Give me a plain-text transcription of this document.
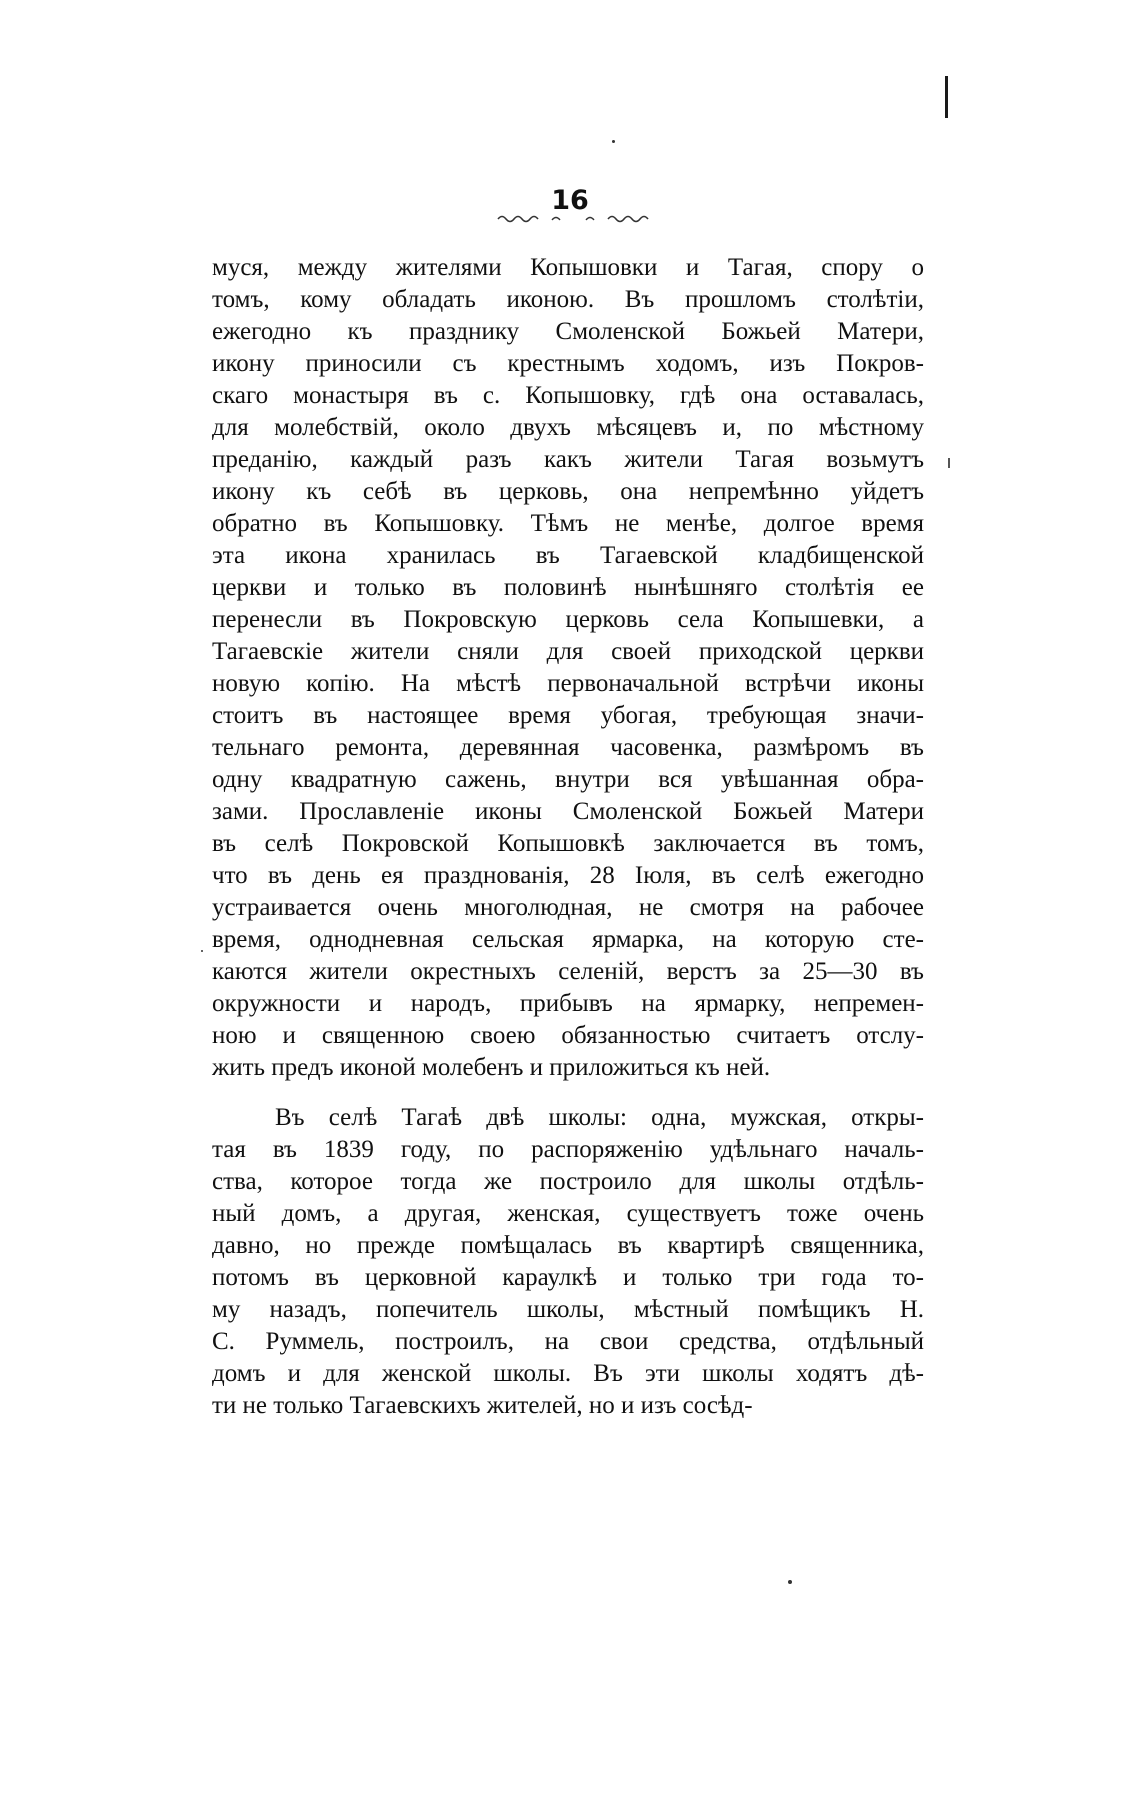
16
муся, между жителями Копышовки и Тагая, спору о
томъ, кому обладать иконою. Въ прошломъ столѣтіи,
ежегодно къ празднику Смоленской Божьей Матери,
икону приносили съ крестнымъ ходомъ, изъ Покров-
скаго монастыря въ с. Копышовку, гдѣ она оставалась,
для молебствій, около двухъ мѣсяцевъ и, по мѣстному
преданію, каждый разъ какъ жители Тагая возьмутъ
икону къ себѣ въ церковь, она непремѣнно уйдетъ
обратно въ Копышовку. Тѣмъ не менѣе, долгое время
эта икона хранилась въ Тагаевской кладбищенской
церкви и только въ половинѣ нынѣшняго столѣтія ее
перенесли въ Покровскую церковь села Копышевки, а
Тагаевскіе жители сняли для своей приходской церкви
новую копію. На мѣстѣ первоначальной встрѣчи иконы
стоитъ въ настоящее время убогая, требующая значи-
тельнаго ремонта, деревянная часовенка, размѣромъ въ
одну квадратную сажень, внутри вся увѣшанная обра-
зами. Прославленіе иконы Смоленской Божьей Матери
въ селѣ Покровской Копышовкѣ заключается въ томъ,
что въ день ея празднованія, 28 Іюля, въ селѣ ежегодно
устраивается очень многолюдная, не смотря на рабочее
время, однодневная сельская ярмарка, на которую сте-
каются жители окрестныхъ селеній, верстъ за 25—30 въ
окружности и народъ, прибывъ на ярмарку, непремен-
ною и священною своею обязанностью считаетъ отслу-
жить предъ иконой молебенъ и приложиться къ ней.
Въ селѣ Тагаѣ двѣ школы: одна, мужская, откры-
тая въ 1839 году, по распоряженію удѣльнаго началь-
ства, которое тогда же построило для школы отдѣль-
ный домъ, а другая, женская, существуетъ тоже очень
давно, но прежде помѣщалась въ квартирѣ священника,
потомъ въ церковной караулкѣ и только три года то-
му назадъ, попечитель школы, мѣстный помѣщикъ Н.
С. Руммель, построилъ, на свои средства, отдѣльный
домъ и для женской школы. Въ эти школы ходятъ дѣ-
ти не только Тагаевскихъ жителей, но и изъ сосѣд-
